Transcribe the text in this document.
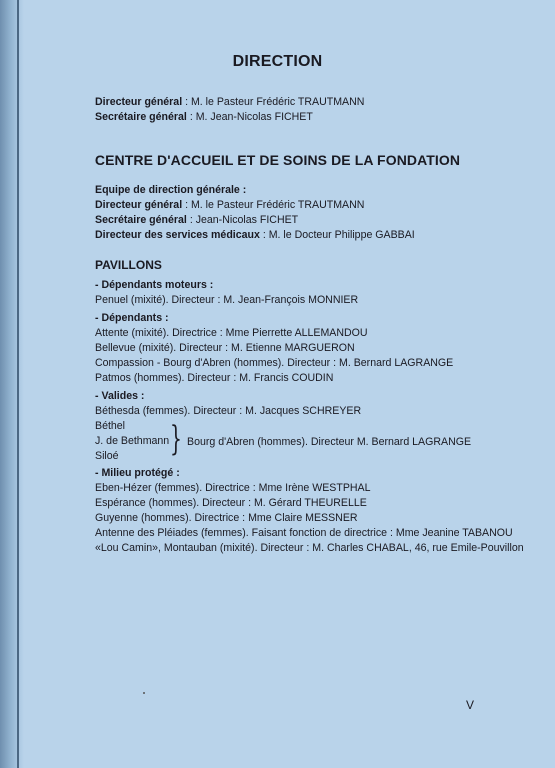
DIRECTION
Directeur général : M. le Pasteur Frédéric TRAUTMANN
Secrétaire général : M. Jean-Nicolas FICHET
CENTRE D'ACCUEIL ET DE SOINS DE LA FONDATION
Equipe de direction générale :
Directeur général : M. le Pasteur Frédéric TRAUTMANN
Secrétaire général : Jean-Nicolas FICHET
Directeur des services médicaux : M. le Docteur Philippe GABBAI
PAVILLONS
- Dépendants moteurs :
Penuel (mixité). Directeur : M. Jean-François MONNIER
- Dépendants :
Attente (mixité). Directrice : Mme Pierrette ALLEMANDOU
Bellevue (mixité). Directeur : M. Etienne MARGUERON
Compassion - Bourg d'Abren (hommes). Directeur : M. Bernard LAGRANGE
Patmos (hommes). Directeur : M. Francis COUDIN
- Valides :
Béthesda (femmes). Directeur : M. Jacques SCHREYER
Béthel
J. de Bethmann
Siloé } Bourg d'Abren (hommes). Directeur M. Bernard LAGRANGE
- Milieu protégé :
Eben-Hézer (femmes). Directrice : Mme Irène WESTPHAL
Espérance (hommes). Directeur : M. Gérard THEURELLE
Guyenne (hommes). Directrice : Mme Claire MESSNER
Antenne des Pléiades (femmes). Faisant fonction de directrice : Mme Jeanine TABANOU
«Lou Camin», Montauban (mixité). Directeur : M. Charles CHABAL, 46, rue Emile-Pouvillon
V
